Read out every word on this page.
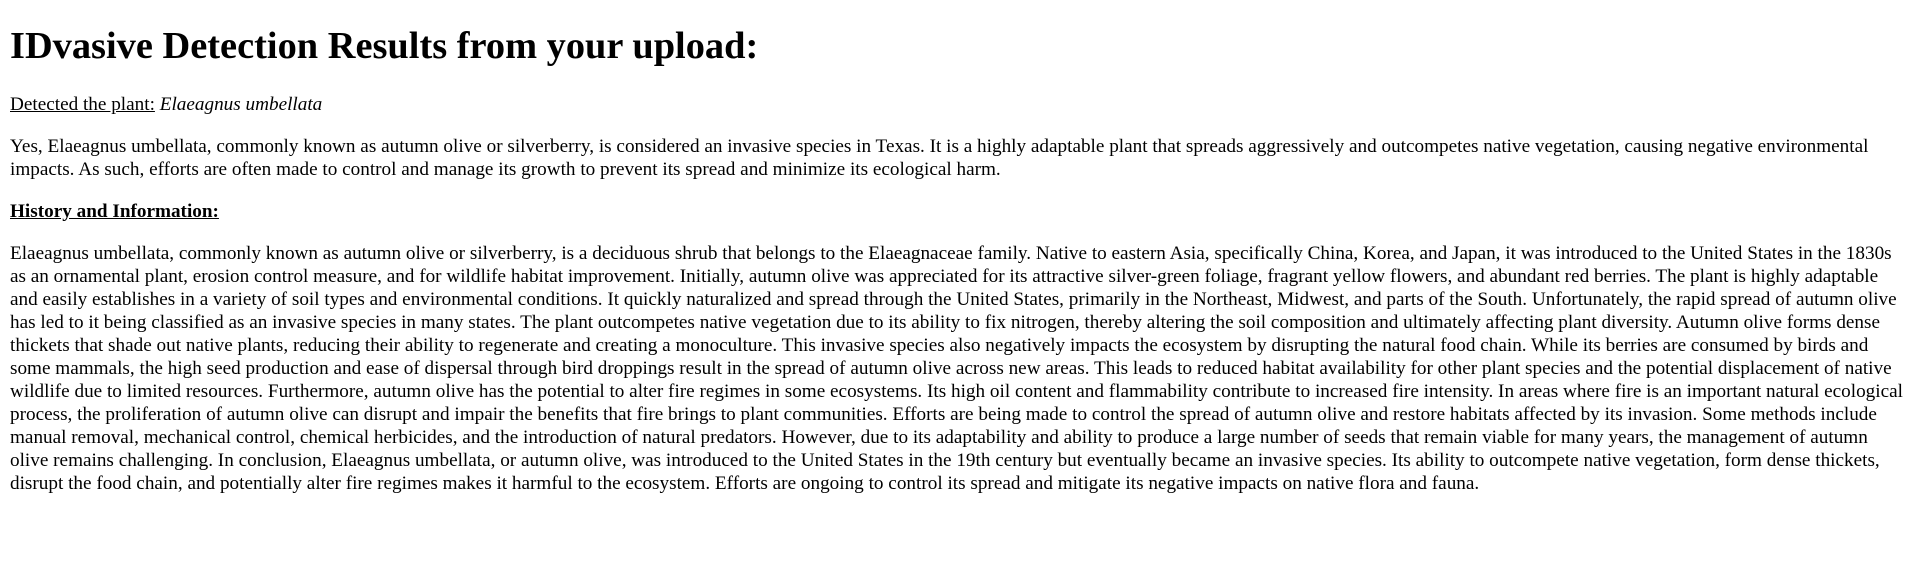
IDvasive Detection Results from your upload:

Detected the plant: Elaeagnus umbellata

Yes, Elaeagnus umbellata, commonly known as autumn olive or silverberry, is considered an invasive species in Texas. It is a highly adaptable plant that spreads aggressively and outcompetes native vegetation, causing negative environmental impacts. As such, efforts are often made to control and manage its growth to prevent its spread and minimize its ecological harm.

History and Information:

Elaeagnus umbellata, commonly known as autumn olive or silverberry, is a deciduous shrub that belongs to the Elaeagnaceae family. Native to eastern Asia, specifically China, Korea, and Japan, it was introduced to the United States in the 1830s as an ornamental plant, erosion control measure, and for wildlife habitat improvement. Initially, autumn olive was appreciated for its attractive silver-green foliage, fragrant yellow flowers, and abundant red berries. The plant is highly adaptable and easily establishes in a variety of soil types and environmental conditions. It quickly naturalized and spread through the United States, primarily in the Northeast, Midwest, and parts of the South. Unfortunately, the rapid spread of autumn olive has led to it being classified as an invasive species in many states. The plant outcompetes native vegetation due to its ability to fix nitrogen, thereby altering the soil composition and ultimately affecting plant diversity. Autumn olive forms dense thickets that shade out native plants, reducing their ability to regenerate and creating a monoculture. This invasive species also negatively impacts the ecosystem by disrupting the natural food chain. While its berries are consumed by birds and some mammals, the high seed production and ease of dispersal through bird droppings result in the spread of autumn olive across new areas. This leads to reduced habitat availability for other plant species and the potential displacement of native wildlife due to limited resources. Furthermore, autumn olive has the potential to alter fire regimes in some ecosystems. Its high oil content and flammability contribute to increased fire intensity. In areas where fire is an important natural ecological process, the proliferation of autumn olive can disrupt and impair the benefits that fire brings to plant communities. Efforts are being made to control the spread of autumn olive and restore habitats affected by its invasion. Some methods include manual removal, mechanical control, chemical herbicides, and the introduction of natural predators. However, due to its adaptability and ability to produce a large number of seeds that remain viable for many years, the management of autumn olive remains challenging. In conclusion, Elaeagnus umbellata, or autumn olive, was introduced to the United States in the 19th century but eventually became an invasive species. Its ability to outcompete native vegetation, form dense thickets, disrupt the food chain, and potentially alter fire regimes makes it harmful to the ecosystem. Efforts are ongoing to control its spread and mitigate its negative impacts on native flora and fauna.
